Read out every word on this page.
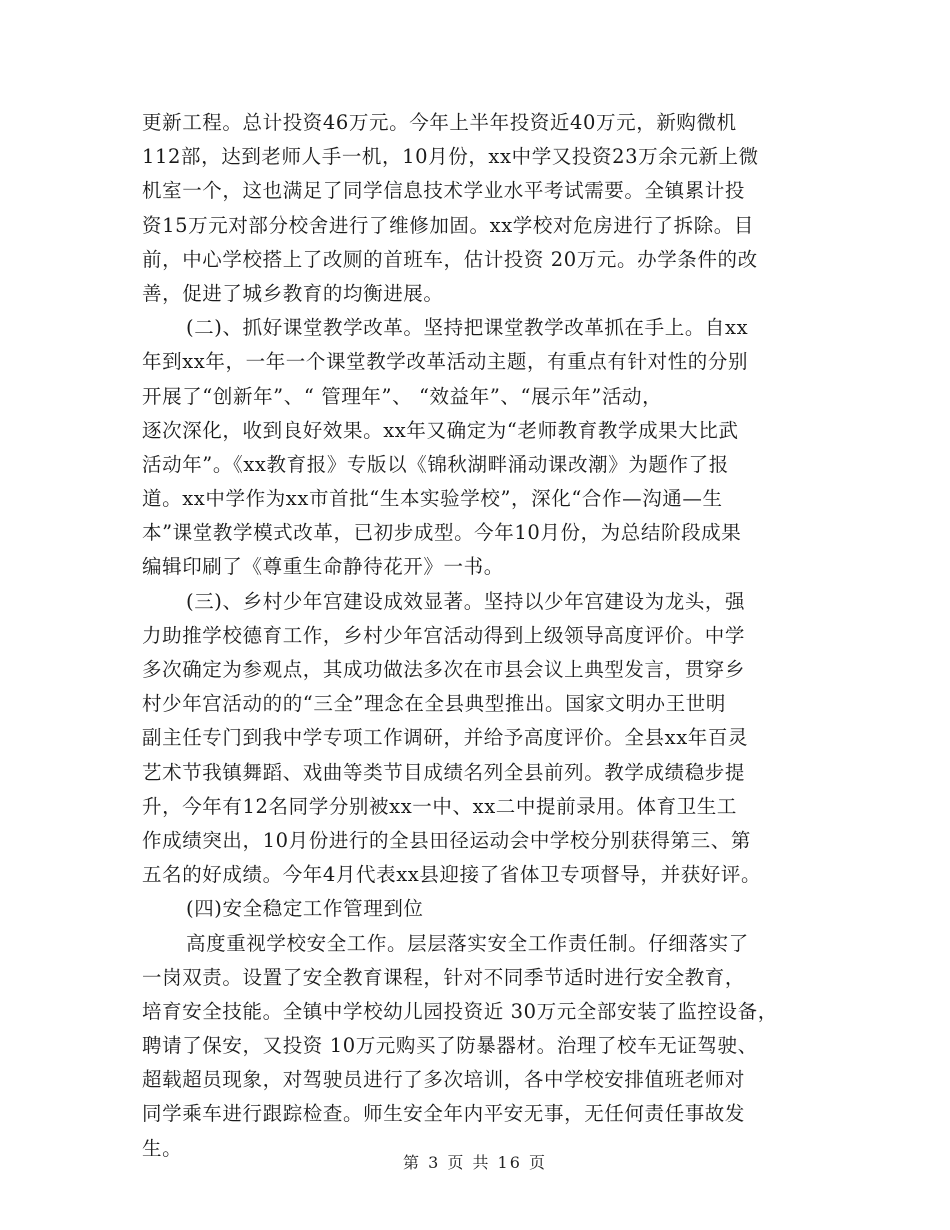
更新工程。总计投资46万元。今年上半年投资近40万元，新购微机
112部，达到老师人手一机，10月份，xx中学又投资23万余元新上微
机室一个，这也满足了同学信息技术学业水平考试需要。全镇累计投
资15万元对部分校舍进行了维修加固。xx学校对危房进行了拆除。目
前，中心学校搭上了改厕的首班车，估计投资 20万元。办学条件的改
善，促进了城乡教育的均衡进展。
(二)、抓好课堂教学改革。坚持把课堂教学改革抓在手上。自xx
年到xx年，一年一个课堂教学改革活动主题，有重点有针对性的分别
开展了“创新年”、“ 管理年”、 “效益年”、“展示年”活动，
逐次深化，收到良好效果。xx年又确定为“老师教育教学成果大比武
活动年”。《xx教育报》专版以《锦秋湖畔涌动课改潮》为题作了报
道。xx中学作为xx市首批“生本实验学校”，深化“合作—沟通—生
本”课堂教学模式改革，已初步成型。今年10月份，为总结阶段成果
编辑印刷了《尊重生命静待花开》一书。
(三)、乡村少年宫建设成效显著。坚持以少年宫建设为龙头，强
力助推学校德育工作，乡村少年宫活动得到上级领导高度评价。中学
多次确定为参观点，其成功做法多次在市县会议上典型发言，贯穿乡
村少年宫活动的的“三全”理念在全县典型推出。国家文明办王世明
副主任专门到我中学专项工作调研，并给予高度评价。全县xx年百灵
艺术节我镇舞蹈、戏曲等类节目成绩名列全县前列。教学成绩稳步提
升，今年有12名同学分别被xx一中、xx二中提前录用。体育卫生工
作成绩突出，10月份进行的全县田径运动会中学校分别获得第三、第
五名的好成绩。今年4月代表xx县迎接了省体卫专项督导，并获好评。
(四)安全稳定工作管理到位
高度重视学校安全工作。层层落实安全工作责任制。仔细落实了
一岗双责。设置了安全教育课程，针对不同季节适时进行安全教育，
培育安全技能。全镇中学校幼儿园投资近 30万元全部安装了监控设备，
聘请了保安，又投资 10万元购买了防暴器材。治理了校车无证驾驶、
超载超员现象，对驾驶员进行了多次培训，各中学校安排值班老师对
同学乘车进行跟踪检查。师生安全年内平安无事，无任何责任事故发
生。
第 3 页 共 16 页
